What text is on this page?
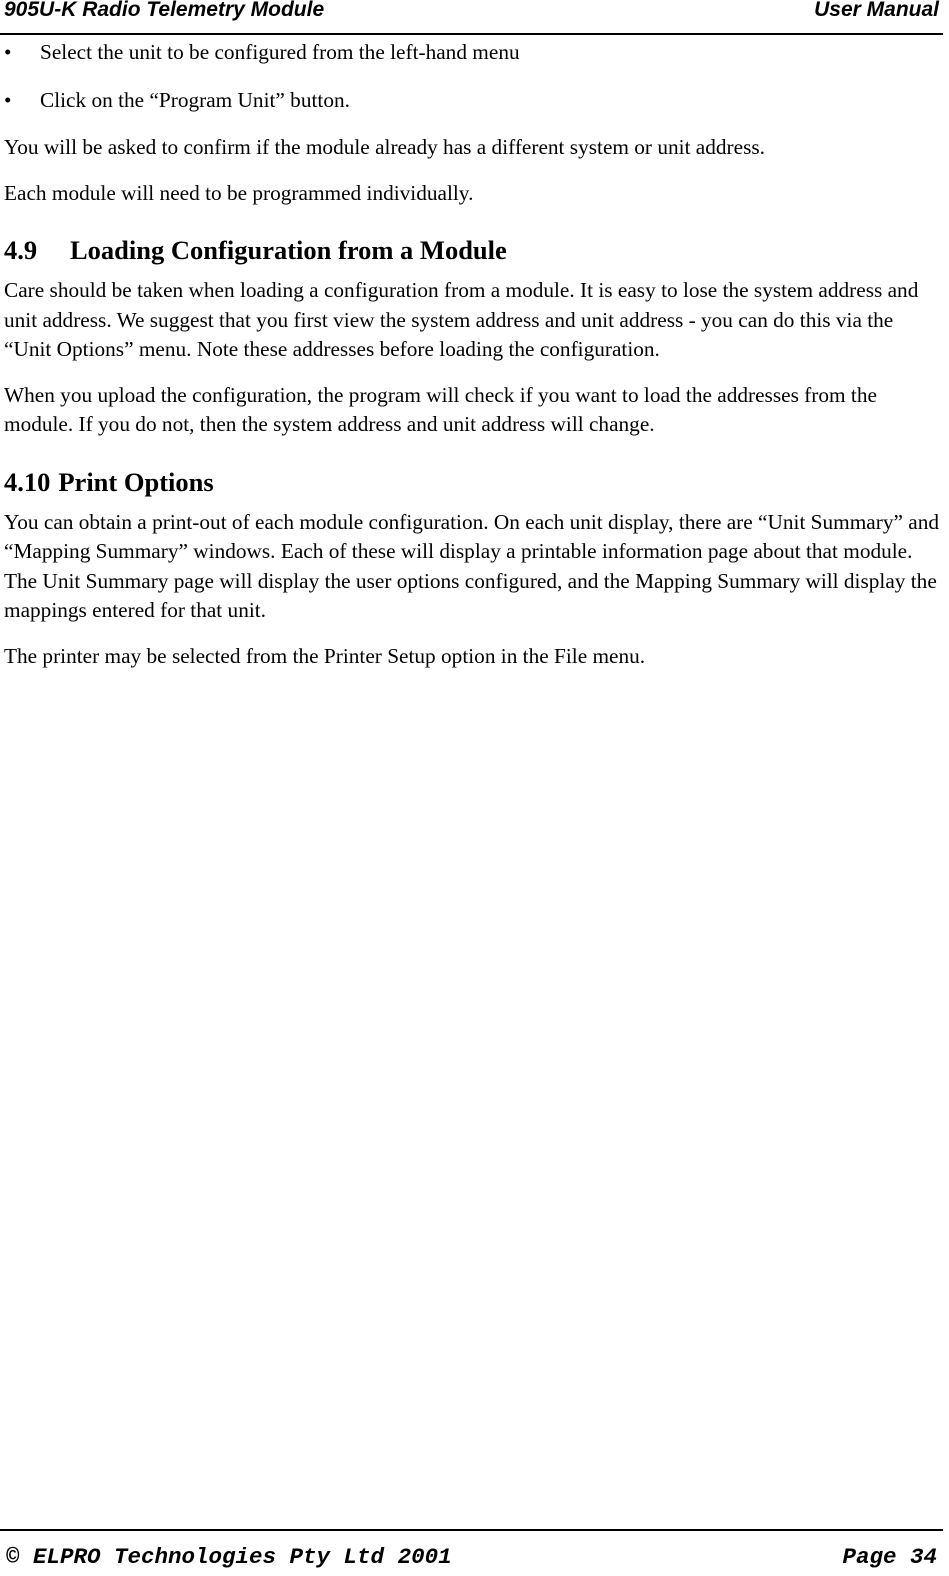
905U-K Radio Telemetry Module	User Manual
• Select the unit to be configured from the left-hand menu
• Click on the “Program Unit” button.

You will be asked to confirm if the module already has a different system or unit address.

Each module will need to be programmed individually.

4.9 Loading Configuration from a Module

Care should be taken when loading a configuration from a module. It is easy to lose the system address and unit address. We suggest that you first view the system address and unit address - you can do this via the “Unit Options” menu. Note these addresses before loading the configuration.

When you upload the configuration, the program will check if you want to load the addresses from the module. If you do not, then the system address and unit address will change.

4.10 Print Options

You can obtain a print-out of each module configuration. On each unit display, there are “Unit Summary” and “Mapping Summary” windows. Each of these will display a printable information page about that module. The Unit Summary page will display the user options configured, and the Mapping Summary will display the mappings entered for that unit.

The printer may be selected from the Printer Setup option in the File menu.

© ELPRO Technologies Pty Ltd 2001	Page 34
